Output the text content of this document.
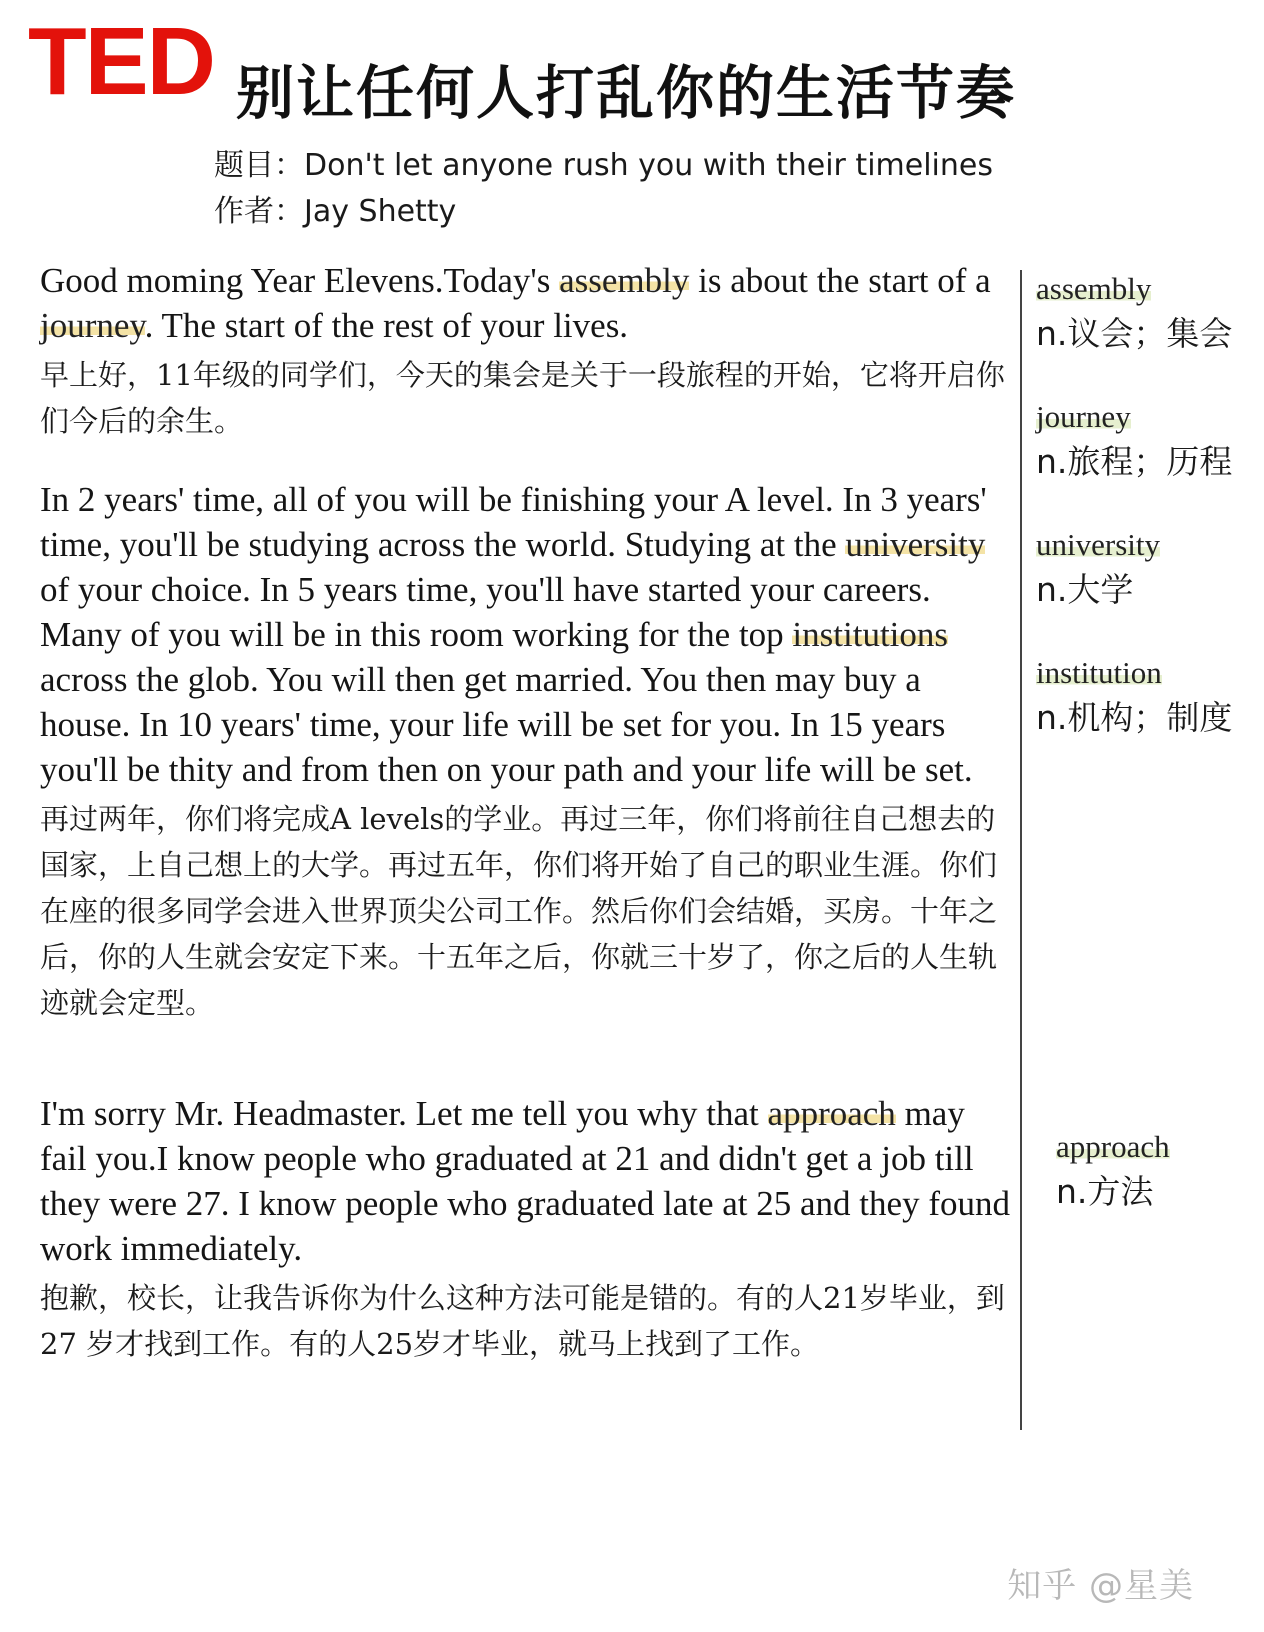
TED 别让任何人打乱你的生活节奏
题目：Don't let anyone rush you with their timelines
作者：Jay Shetty

Good moming Year Elevens.Today's assembly is about the start of a journey. The start of the rest of your lives.

早上好，11年级的同学们，今天的集会是关于一段旅程的开始，它将开启你们今后的余生。

In 2 years' time, all of you will be finishing your A level. In 3 years' time, you'll be studying across the world. Studying at the university of your choice. In 5 years time, you'll have started your careers. Many of you will be in this room working for the top institutions across the glob. You will then get married. You then may buy a house. In 10 years' time, your life will be set for you. In 15 years you'll be thity and from then on your path and your life will be set.

再过两年，你们将完成A levels的学业。再过三年，你们将前往自己想去的国家，上自己想上的大学。再过五年，你们将开始了自己的职业生涯。你们在座的很多同学会进入世界顶尖公司工作。然后你们会结婚，买房。十年之后，你的人生就会安定下来。十五年之后，你就三十岁了，你之后的人生轨迹就会定型。

I'm sorry Mr. Headmaster. Let me tell you why that approach may fail you.I know people who graduated at 21 and didn't get a job till they were 27. I know people who graduated late at 25 and they found work immediately.

抱歉，校长，让我告诉你为什么这种方法可能是错的。有的人21岁毕业，到27 岁才找到工作。有的人25岁才毕业，就马上找到了工作。

assembly
n.议会；集会
journey
n.旅程；历程
university
n.大学
institution
n.机构；制度
approach
n.方法
知乎 @星美
